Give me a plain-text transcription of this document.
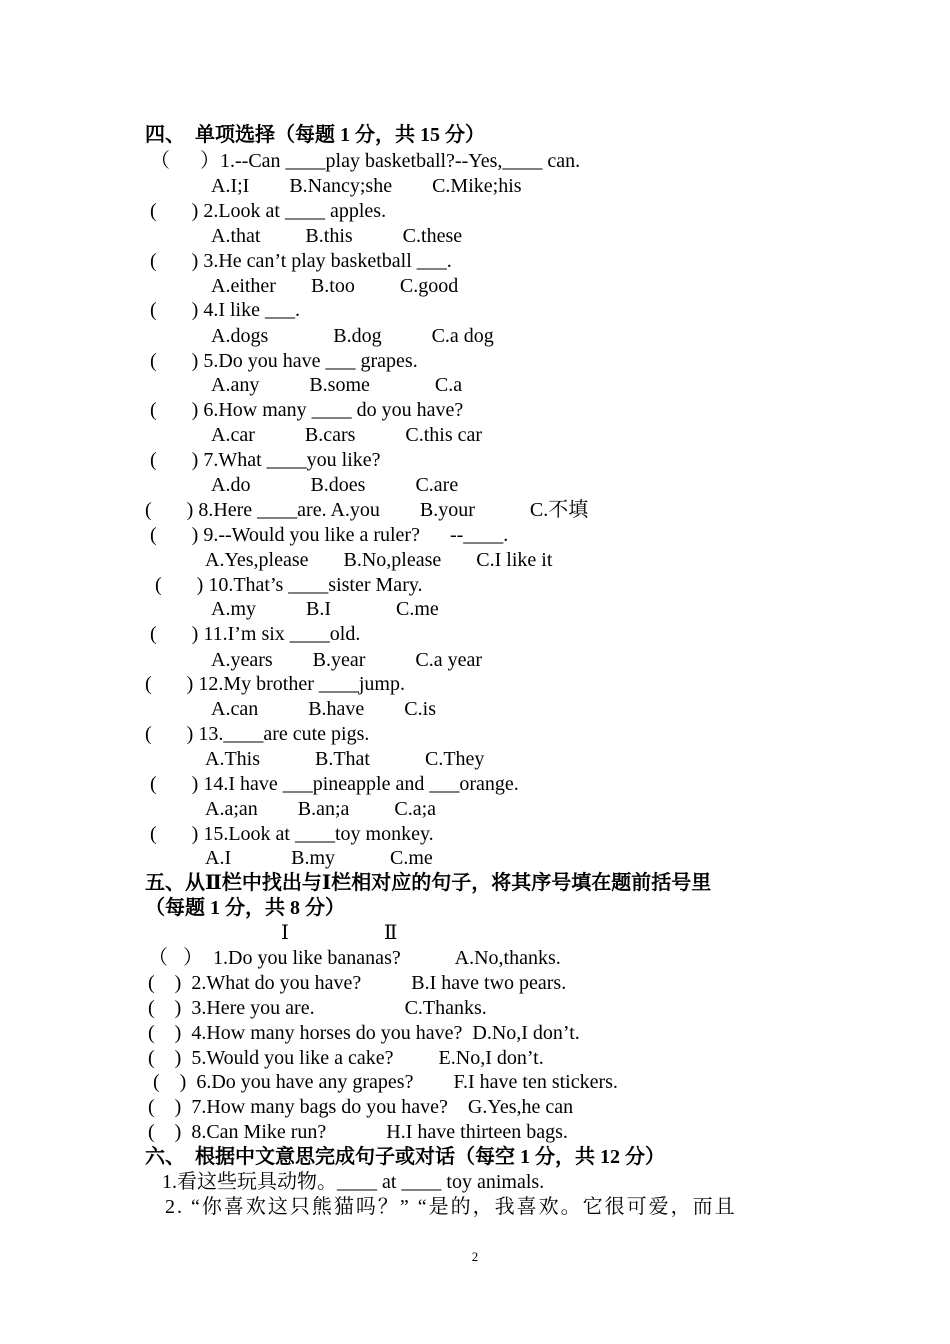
四、  单项选择（每题 1 分，共 15 分）
（      ）1.--Can ____play basketball?--Yes,____ can.
A.I;I        B.Nancy;she        C.Mike;his
(       ) 2.Look at ____ apples.
A.that         B.this          C.these
(       ) 3.He can’t play basketball ___.
A.either       B.too         C.good
(       ) 4.I like ___.
A.dogs             B.dog          C.a dog
(       ) 5.Do you have ___ grapes.
A.any          B.some             C.a
(       ) 6.How many ____ do you have?
A.car          B.cars          C.this car
(       ) 7.What ____you like?
A.do            B.does          C.are
(       ) 8.Here ____are. A.you        B.your           C.不填
(       ) 9.--Would you like a ruler?      --____.
A.Yes,please       B.No,please       C.I like it
(       ) 10.That’s ____sister Mary.
A.my          B.I             C.me
(       ) 11.I’m six ____old.
A.years        B.year          C.a year
(       ) 12.My brother ____jump.
A.can          B.have        C.is
(       ) 13.____are cute pigs.
A.This           B.That           C.They
(       ) 14.I have ___pineapple and ___orange.
A.a;an        B.an;a         C.a;a
(       ) 15.Look at ____toy monkey.
A.I            B.my           C.me
五、从Ⅱ栏中找出与Ⅰ栏相对应的句子，将其序号填在题前括号里
（每题 1 分，共 8 分）
Ⅰ                   Ⅱ
（   ）  1.Do you like bananas?           A.No,thanks.
(    )  2.What do you have?          B.I have two pears.
(    )  3.Here you are.                  C.Thanks.
(    )  4.How many horses do you have?  D.No,I don’t.
(    )  5.Would you like a cake?         E.No,I don’t.
(    )  6.Do you have any grapes?        F.I have ten stickers.
(    )  7.How many bags do you have?    G.Yes,he can
(    )  8.Can Mike run?            H.I have thirteen bags.
六、  根据中文意思完成句子或对话（每空 1 分，共 12 分）
1.看这些玩具动物。____ at ____ toy animals.
2. “你喜欢这只熊猫吗？” “是的，我喜欢。它很可爱，而且
2
